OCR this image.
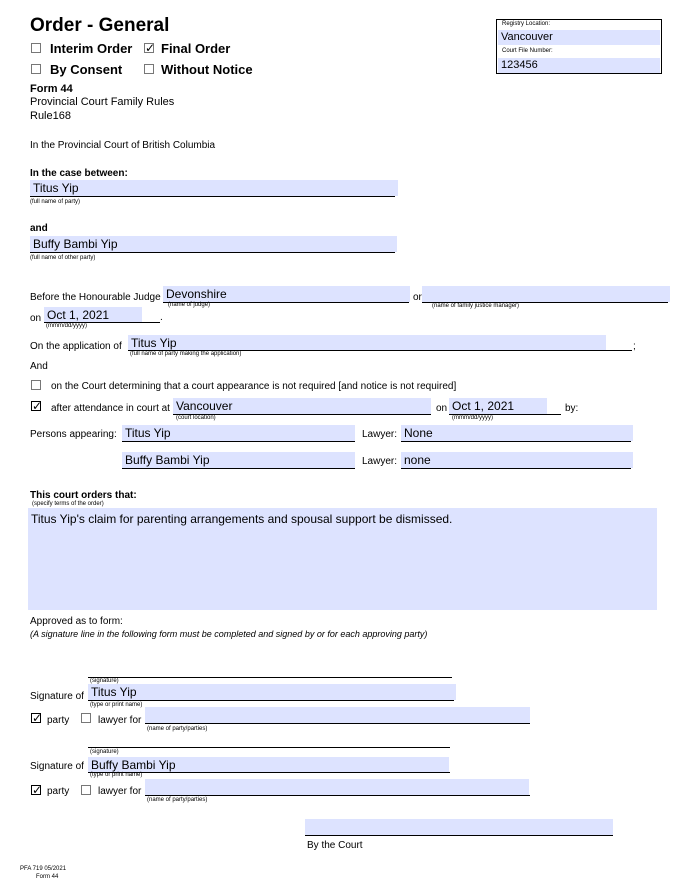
Order - General
Interim Order ✓ Final Order
By Consent	Without Notice
Form 44
Provincial Court Family Rules
Rule168
Registry Location:
Vancouver
Court File Number:
123456
In the Provincial Court of British Columbia
In the case between:
Titus Yip
(full name of party)
and
Buffy Bambi Yip
(full name of other party)
Before the Honourable Judge Devonshire
(name of judge)
or
(name of family justice manager)
on Oct 1, 2021	.
(mmm/dd/yyyy)
On the application of Titus Yip	;
(full name of party making the application)
And
on the Court determining that a court appearance is not required [and notice is not required]
✓ after attendance in court at Vancouver
(court location)
on Oct 1, 2021
(mmm/dd/yyyy)
by:
Persons appearing: Titus Yip	Lawyer: None
Buffy Bambi Yip	Lawyer: none
This court orders that:
(specify terms of the order)
Titus Yip's claim for parenting arrangements and spousal support be dismissed.
Approved as to form:
(A signature line in the following form must be completed and signed by or for each approving party)
(signature)
Signature of Titus Yip
(type or print name)
✓ party	lawyer for
(name of party/parties)
(signature)
Signature of Buffy Bambi Yip
(type or print name)
✓ party	lawyer for
(name of party/parties)
By the Court
PFA 719 05/2021
Form 44
